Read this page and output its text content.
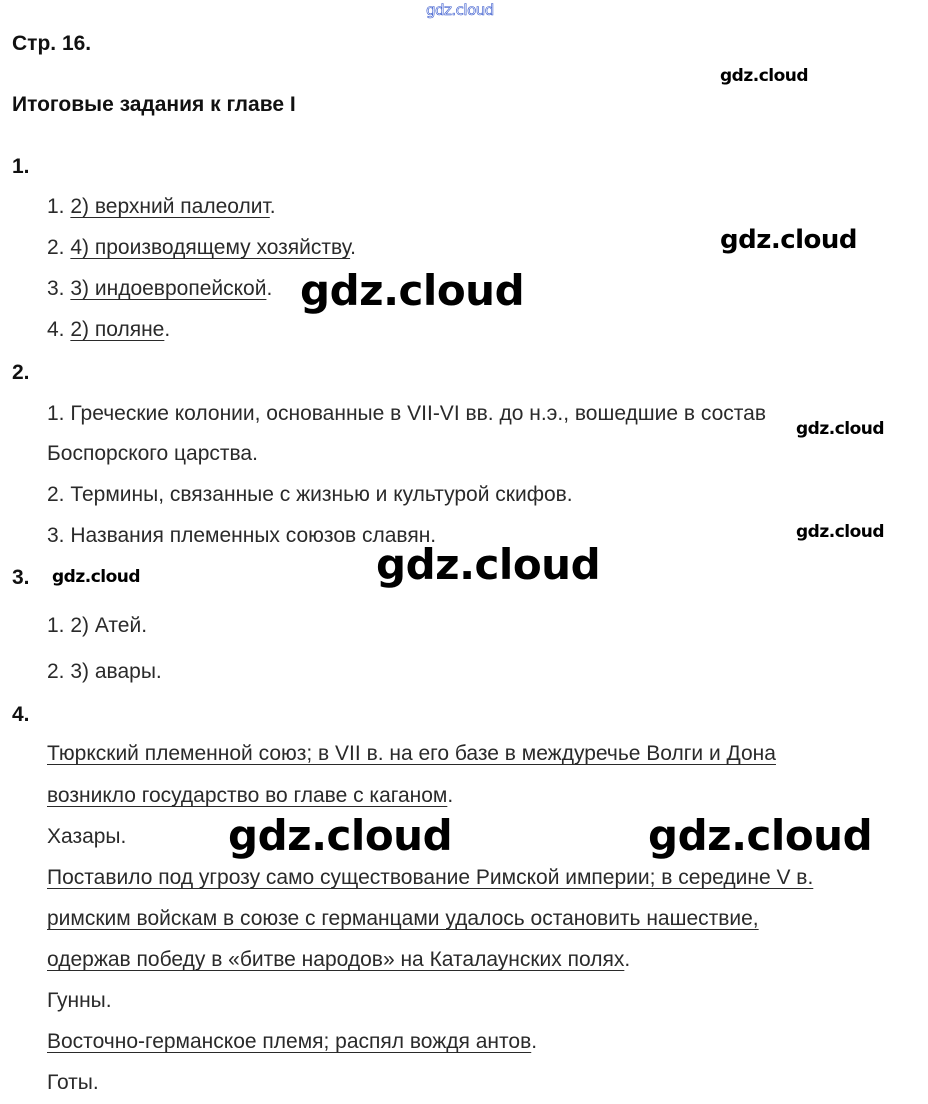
gdz.cloud
gdz.cloud
gdz.cloud
gdz.cloud
gdz.cloud
gdz.cloud
gdz.cloud	gdz.cloud
gdz.cloud	gdz.cloud
Стр. 16.
Итоговые задания к главе I
1.
1. 2) верхний палеолит.
2. 4) производящему хозяйству.
3. 3) индоевропейской.
4. 2) поляне.
2.
1. Греческие колонии, основанные в VII-VI вв. до н.э., вошедшие в состав
Боспорского царства.
2. Термины, связанные с жизнью и культурой скифов.
3. Названия племенных союзов славян.
3.
1. 2) Атей.
2. 3) авары.
4.
Тюркский племенной союз; в VII в. на его базе в междуречье Волги и Дона
возникло государство во главе с каганом.
Хазары.
Поставило под угрозу само существование Римской империи; в середине V в.
римским войскам в союзе с германцами удалось остановить нашествие,
одержав победу в «битве народов» на Каталаунских полях.
Гунны.
Восточно-германское племя; распял вождя антов.
Готы.
